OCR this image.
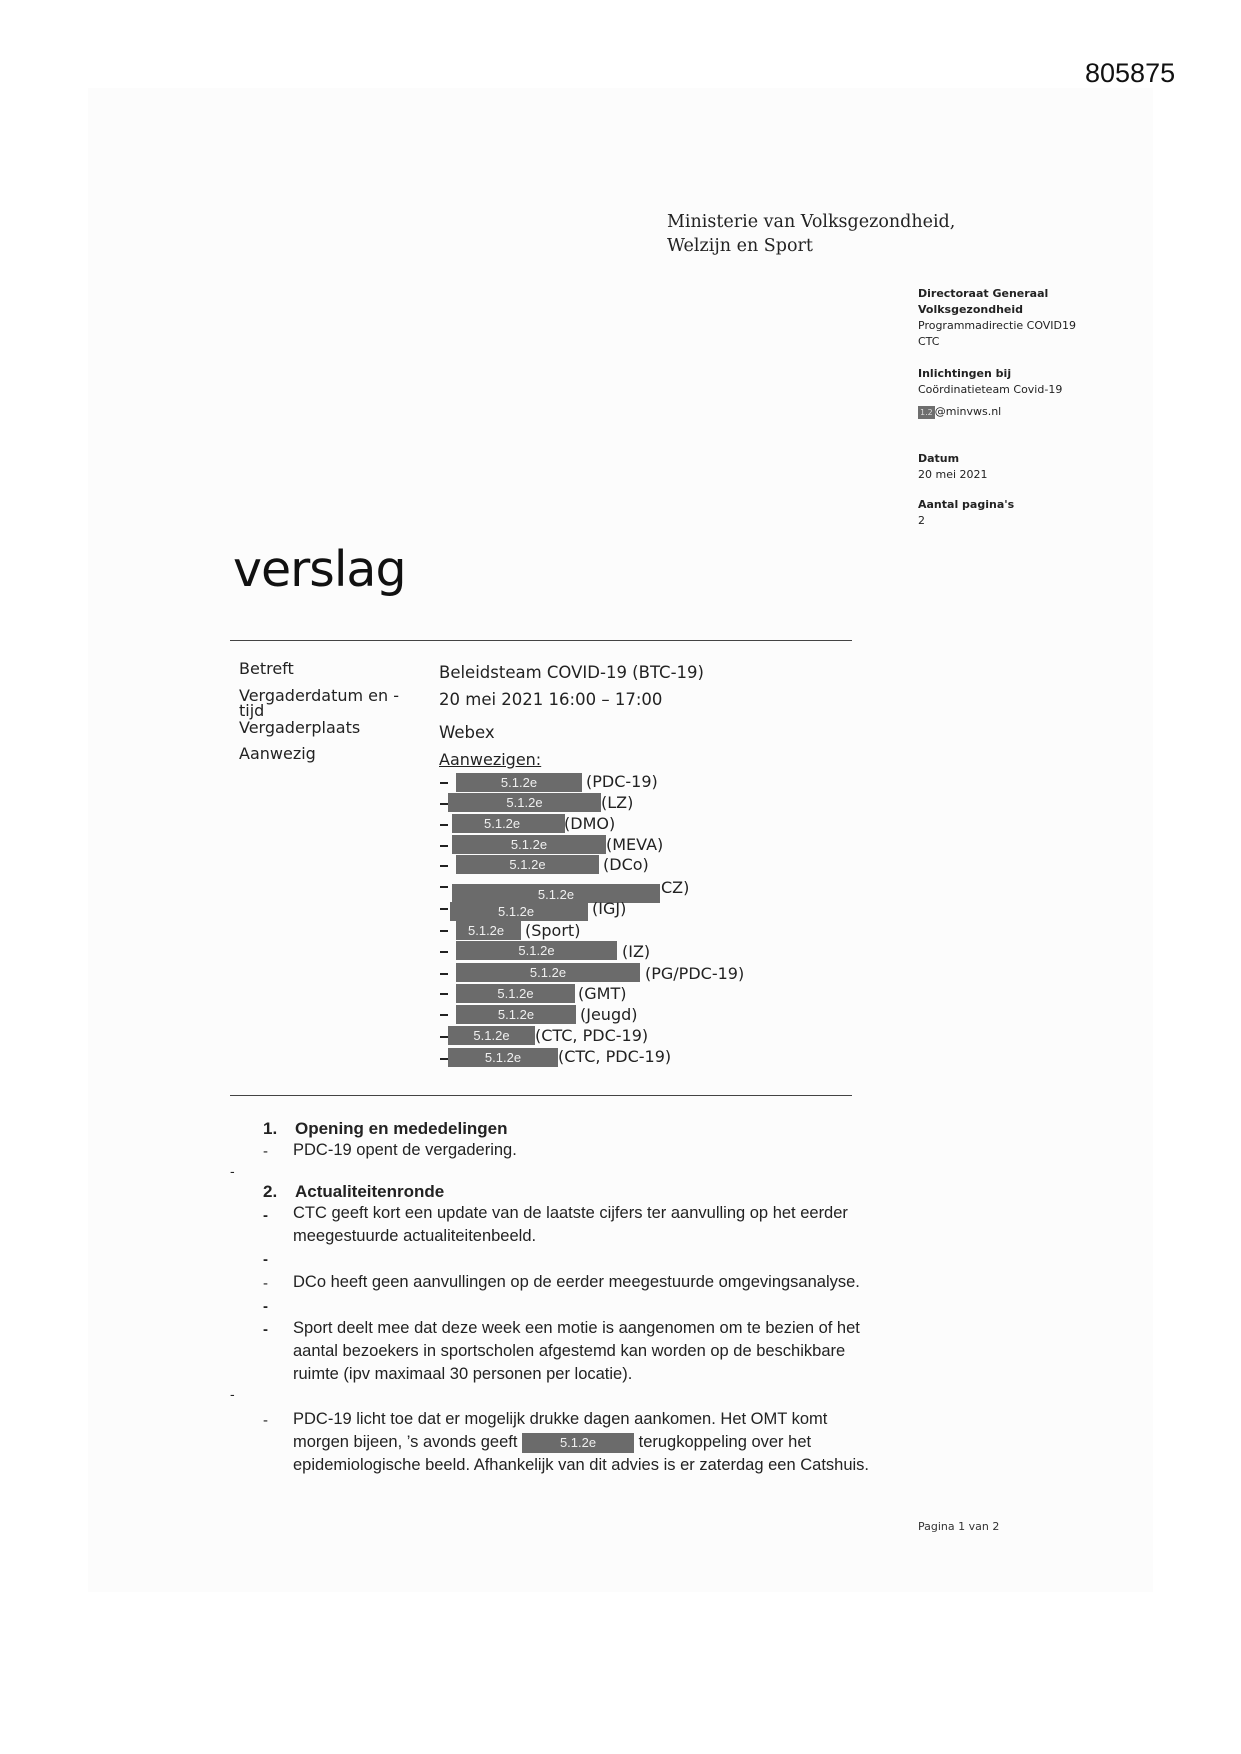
805875
Ministerie van Volksgezondheid,
Welzijn en Sport
Directoraat Generaal
Volksgezondheid
Programmadirectie COVID19
CTC
Inlichtingen bij
Coördinatieteam Covid-19
1.2 @minvws.nl
Datum
20 mei 2021
Aantal pagina's
2
verslag
Betreft	Beleidsteam COVID-19 (BTC-19)
Vergaderdatum en -
tijd
20 mei 2021 16:00 – 17:00
Vergaderplaats	Webex
Aanwezig	Aanwezigen:
5.1.2e	(PDC-19)
5.1.2e	(LZ)
5.1.2e	(DMO)
5.1.2e	(MEVA)
5.1.2e	(DCo)
5.1.2e	CZ)
5.1.2e	(IGJ)
5.1.2e	(Sport)
5.1.2e	(IZ)
5.1.2e	(PG/PDC-19)
5.1.2e	(GMT)
5.1.2e	(Jeugd)
5.1.2e	(CTC, PDC-19)
5.1.2e	(CTC, PDC-19)
1. Opening en mededelingen
- PDC-19 opent de vergadering.
-
2. Actualiteitenronde
- CTC geeft kort een update van de laatste cijfers ter aanvulling op het eerder
meegestuurde actualiteitenbeeld.
-
- DCo heeft geen aanvullingen op de eerder meegestuurde omgevingsanalyse.
-
- Sport deelt mee dat deze week een motie is aangenomen om te bezien of het
aantal bezoekers in sportscholen afgestemd kan worden op de beschikbare
ruimte (ipv maximaal 30 personen per locatie).
-
- PDC-19 licht toe dat er mogelijk drukke dagen aankomen. Het OMT komt
morgen bijeen, ’s avonds geeft	5.1.2e	terugkoppeling over het
epidemiologische beeld. Afhankelijk van dit advies is er zaterdag een Catshuis.
Pagina 1 van 2
